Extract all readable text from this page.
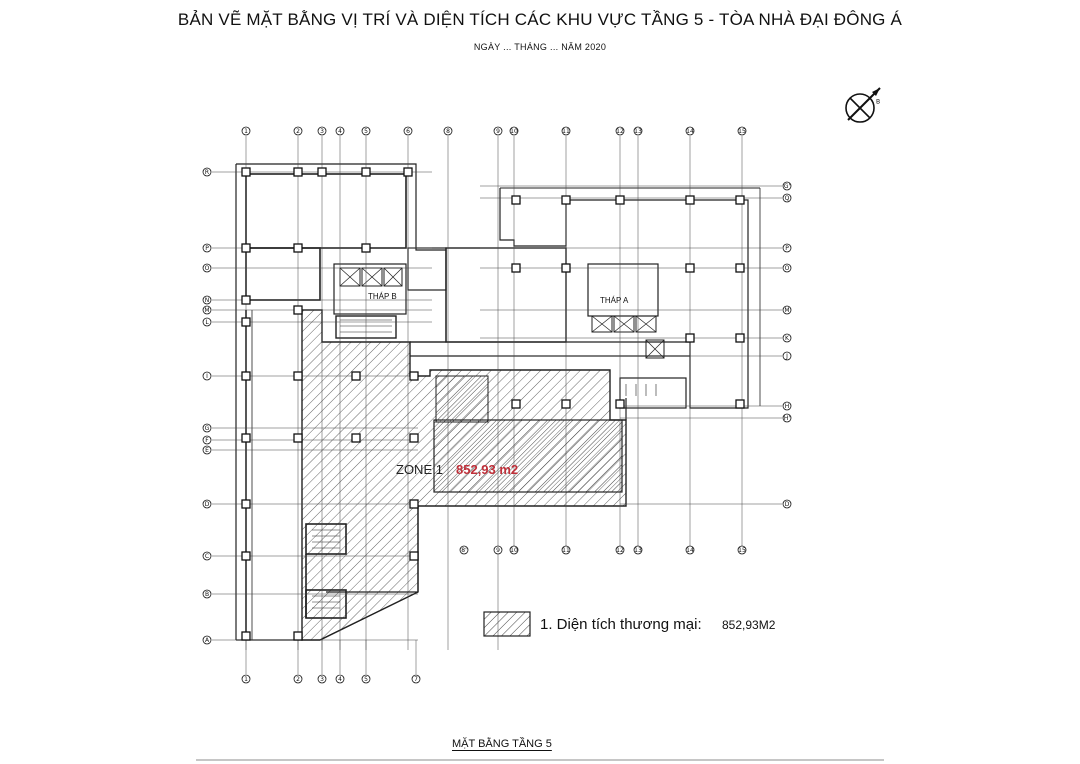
BẢN VẼ MẶT BẰNG VỊ TRÍ VÀ DIỆN TÍCH CÁC KHU VỰC TẦNG 5 - TÒA NHÀ ĐẠI ĐÔNG Á
NGÀY ... THÁNG ... NĂM 2020
B
1	2	3 4	5	6	8	9 10	11	12 13	14	15
1	2	3 4	5	7
8'	9 10	11	12 13	14	15
R
P
O
N
M
L
I
G
F
E
D
C
B
A
G'
Q
P
O
M
K
J
H
H'
D
THÁP B	THÁP A
ZONE 1 852,93 m2
1. Diện tích thương mại: 852,93M2
MẶT BẰNG TẦNG 5
